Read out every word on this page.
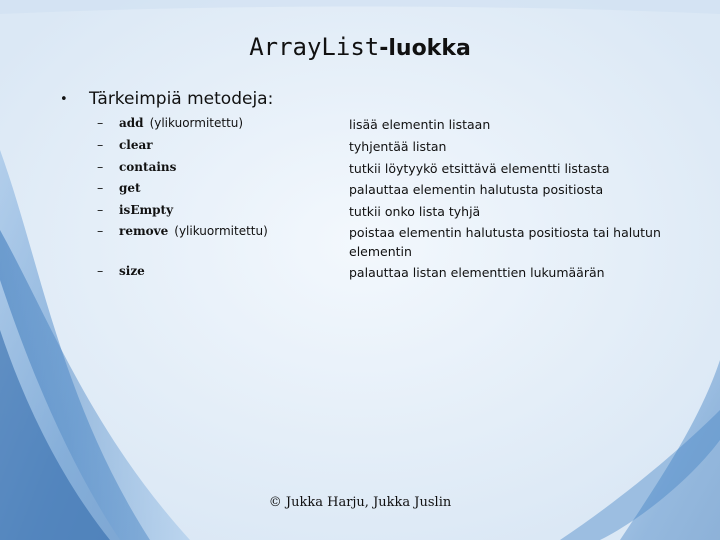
ArrayList-luokka
• Tärkeimpiä metodeja:
– add (ylikuormitettu)	lisää elementin listaan
– clear	tyhjentää listan
– contains	tutkii löytyykö etsittävä elementti listasta
– get	palauttaa elementin halutusta positiosta
– isEmpty	tutkii onko lista tyhjä
– remove (ylikuormitettu)	poistaa elementin halutusta positiosta tai halutun elementin
– size	palauttaa listan elementtien lukumäärän
© Jukka Harju, Jukka Juslin
